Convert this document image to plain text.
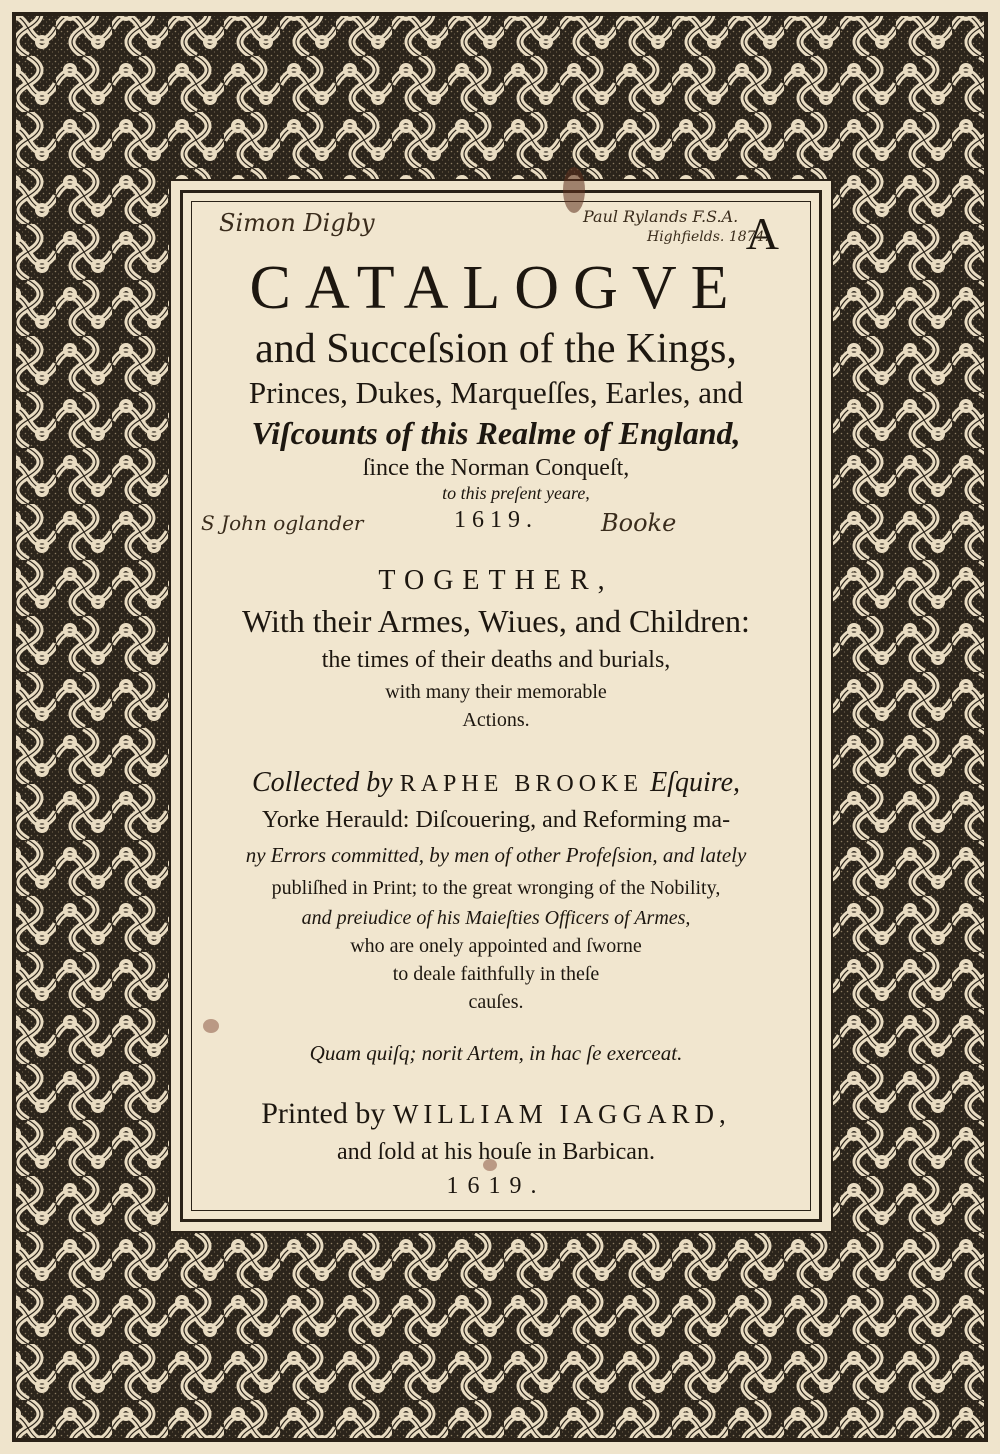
A
CATALOGVE
and Succeſsion of the Kings,
Princes, Dukes, Marqueſſes, Earles, and
Viſcounts of this Realme of England,
ſince the Norman Conqueſt,
to this preſent yeare,
1619.
TOGETHER,
With their Armes, Wiues, and Children:
the times of their deaths and burials,
with many their memorable
Actions.
Collected by RAPHE BROOKE Eſquire,
Yorke Herauld: Diſcouering, and Reforming ma-
ny Errors committed, by men of other Profeſsion, and lately
publiſhed in Print; to the great wronging of the Nobility,
and preiudice of his Maieſties Officers of Armes,
who are onely appointed and ſworne
to deale faithfully in theſe
cauſes.
Quam quiſq; norit Artem, in hac ſe exerceat.
Printed by WILLIAM IAGGARD,
and ſold at his houſe in Barbican.
1619.
Simon Digby	Paul Rylands F.S.A.
Highfields. 1874.
S John oglander	Booke
